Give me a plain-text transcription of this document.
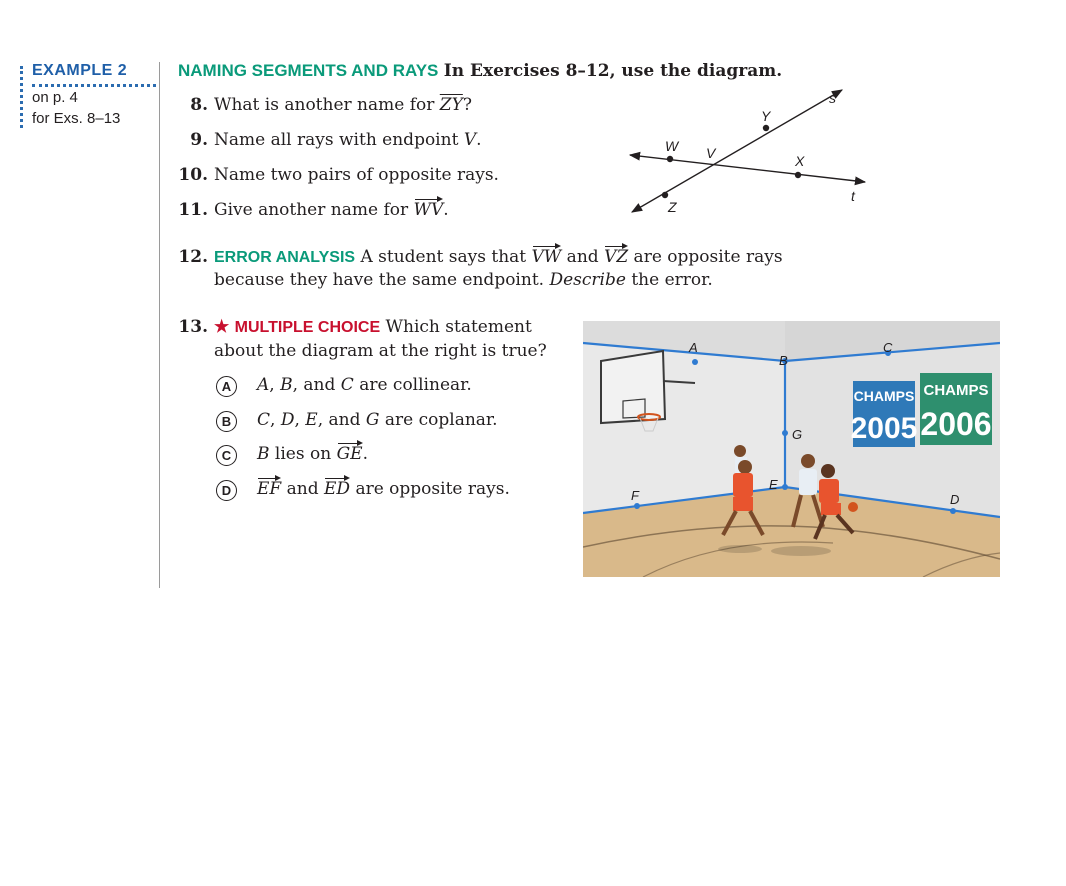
EXAMPLE 2
on p. 4
for Exs. 8–13
NAMING SEGMENTS AND RAYS In Exercises 8–12, use the diagram.
8. What is another name for $\overline{ZY}$?
9. Name all rays with endpoint V.
10. Name two pairs of opposite rays.
11. Give another name for WV.
W V
Y
X
Z
s
t
12. ERROR ANALYSIS A student says that VW and VZ are opposite rays
because they have the same endpoint. Describe the error.
13. ★ MULTIPLE CHOICE Which statement
about the diagram at the right is true?
A	A, B, and C are collinear.
B	C, D, E, and G are coplanar.
C	B lies on GE.
D	EF and ED are opposite rays.
CHAMPS
2005
CHAMPS
2006
A
B
C
G
E
F	D
